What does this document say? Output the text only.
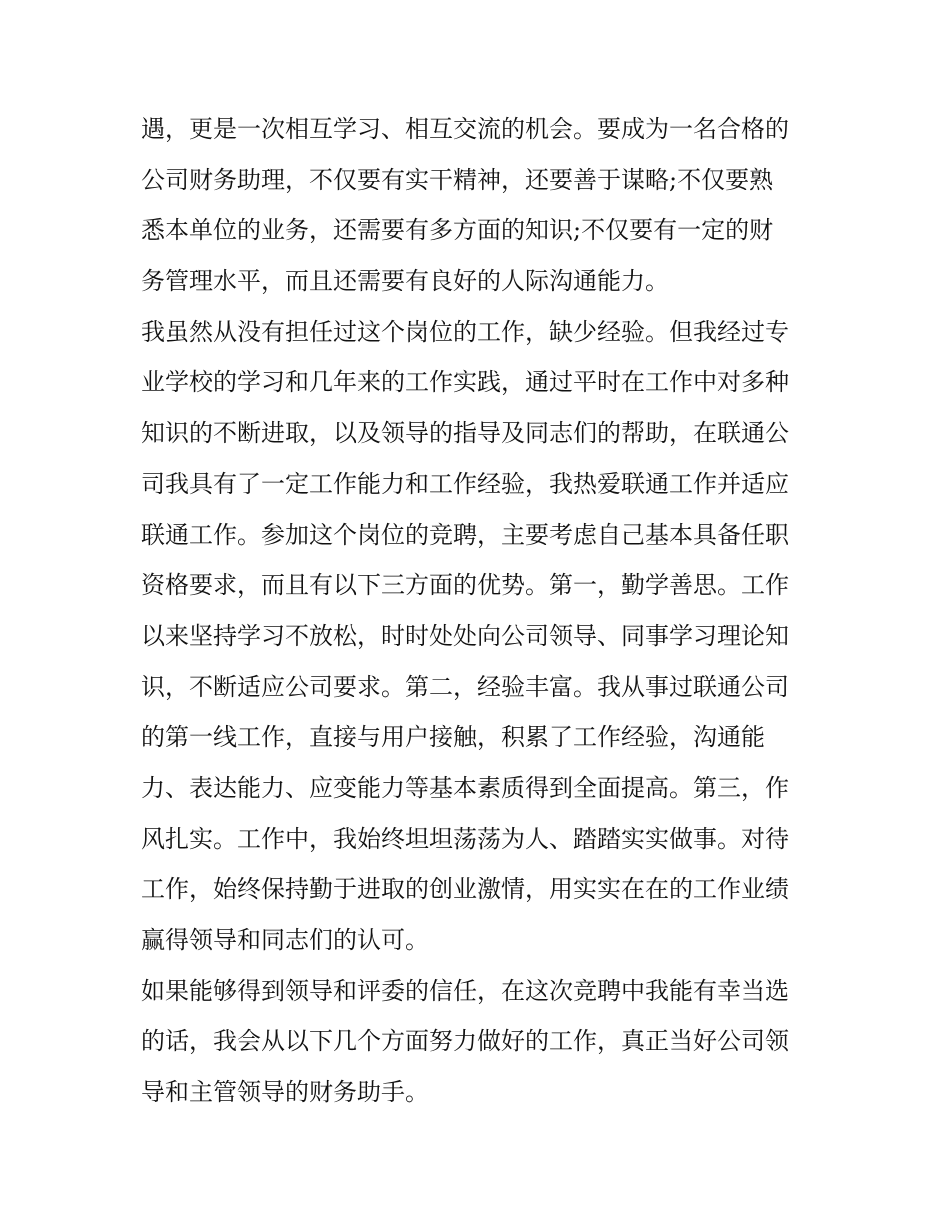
遇，更是一次相互学习、相互交流的机会。要成为一名合格的
公司财务助理，不仅要有实干精神，还要善于谋略;不仅要熟
悉本单位的业务，还需要有多方面的知识;不仅要有一定的财
务管理水平，而且还需要有良好的人际沟通能力。
我虽然从没有担任过这个岗位的工作，缺少经验。但我经过专
业学校的学习和几年来的工作实践，通过平时在工作中对多种
知识的不断进取，以及领导的指导及同志们的帮助，在联通公
司我具有了一定工作能力和工作经验，我热爱联通工作并适应
联通工作。参加这个岗位的竞聘，主要考虑自己基本具备任职
资格要求，而且有以下三方面的优势。第一，勤学善思。工作
以来坚持学习不放松，时时处处向公司领导、同事学习理论知
识，不断适应公司要求。第二，经验丰富。我从事过联通公司
的第一线工作，直接与用户接触，积累了工作经验，沟通能
力、表达能力、应变能力等基本素质得到全面提高。第三，作
风扎实。工作中，我始终坦坦荡荡为人、踏踏实实做事。对待
工作，始终保持勤于进取的创业激情，用实实在在的工作业绩
赢得领导和同志们的认可。
如果能够得到领导和评委的信任，在这次竞聘中我能有幸当选
的话，我会从以下几个方面努力做好的工作，真正当好公司领
导和主管领导的财务助手。
